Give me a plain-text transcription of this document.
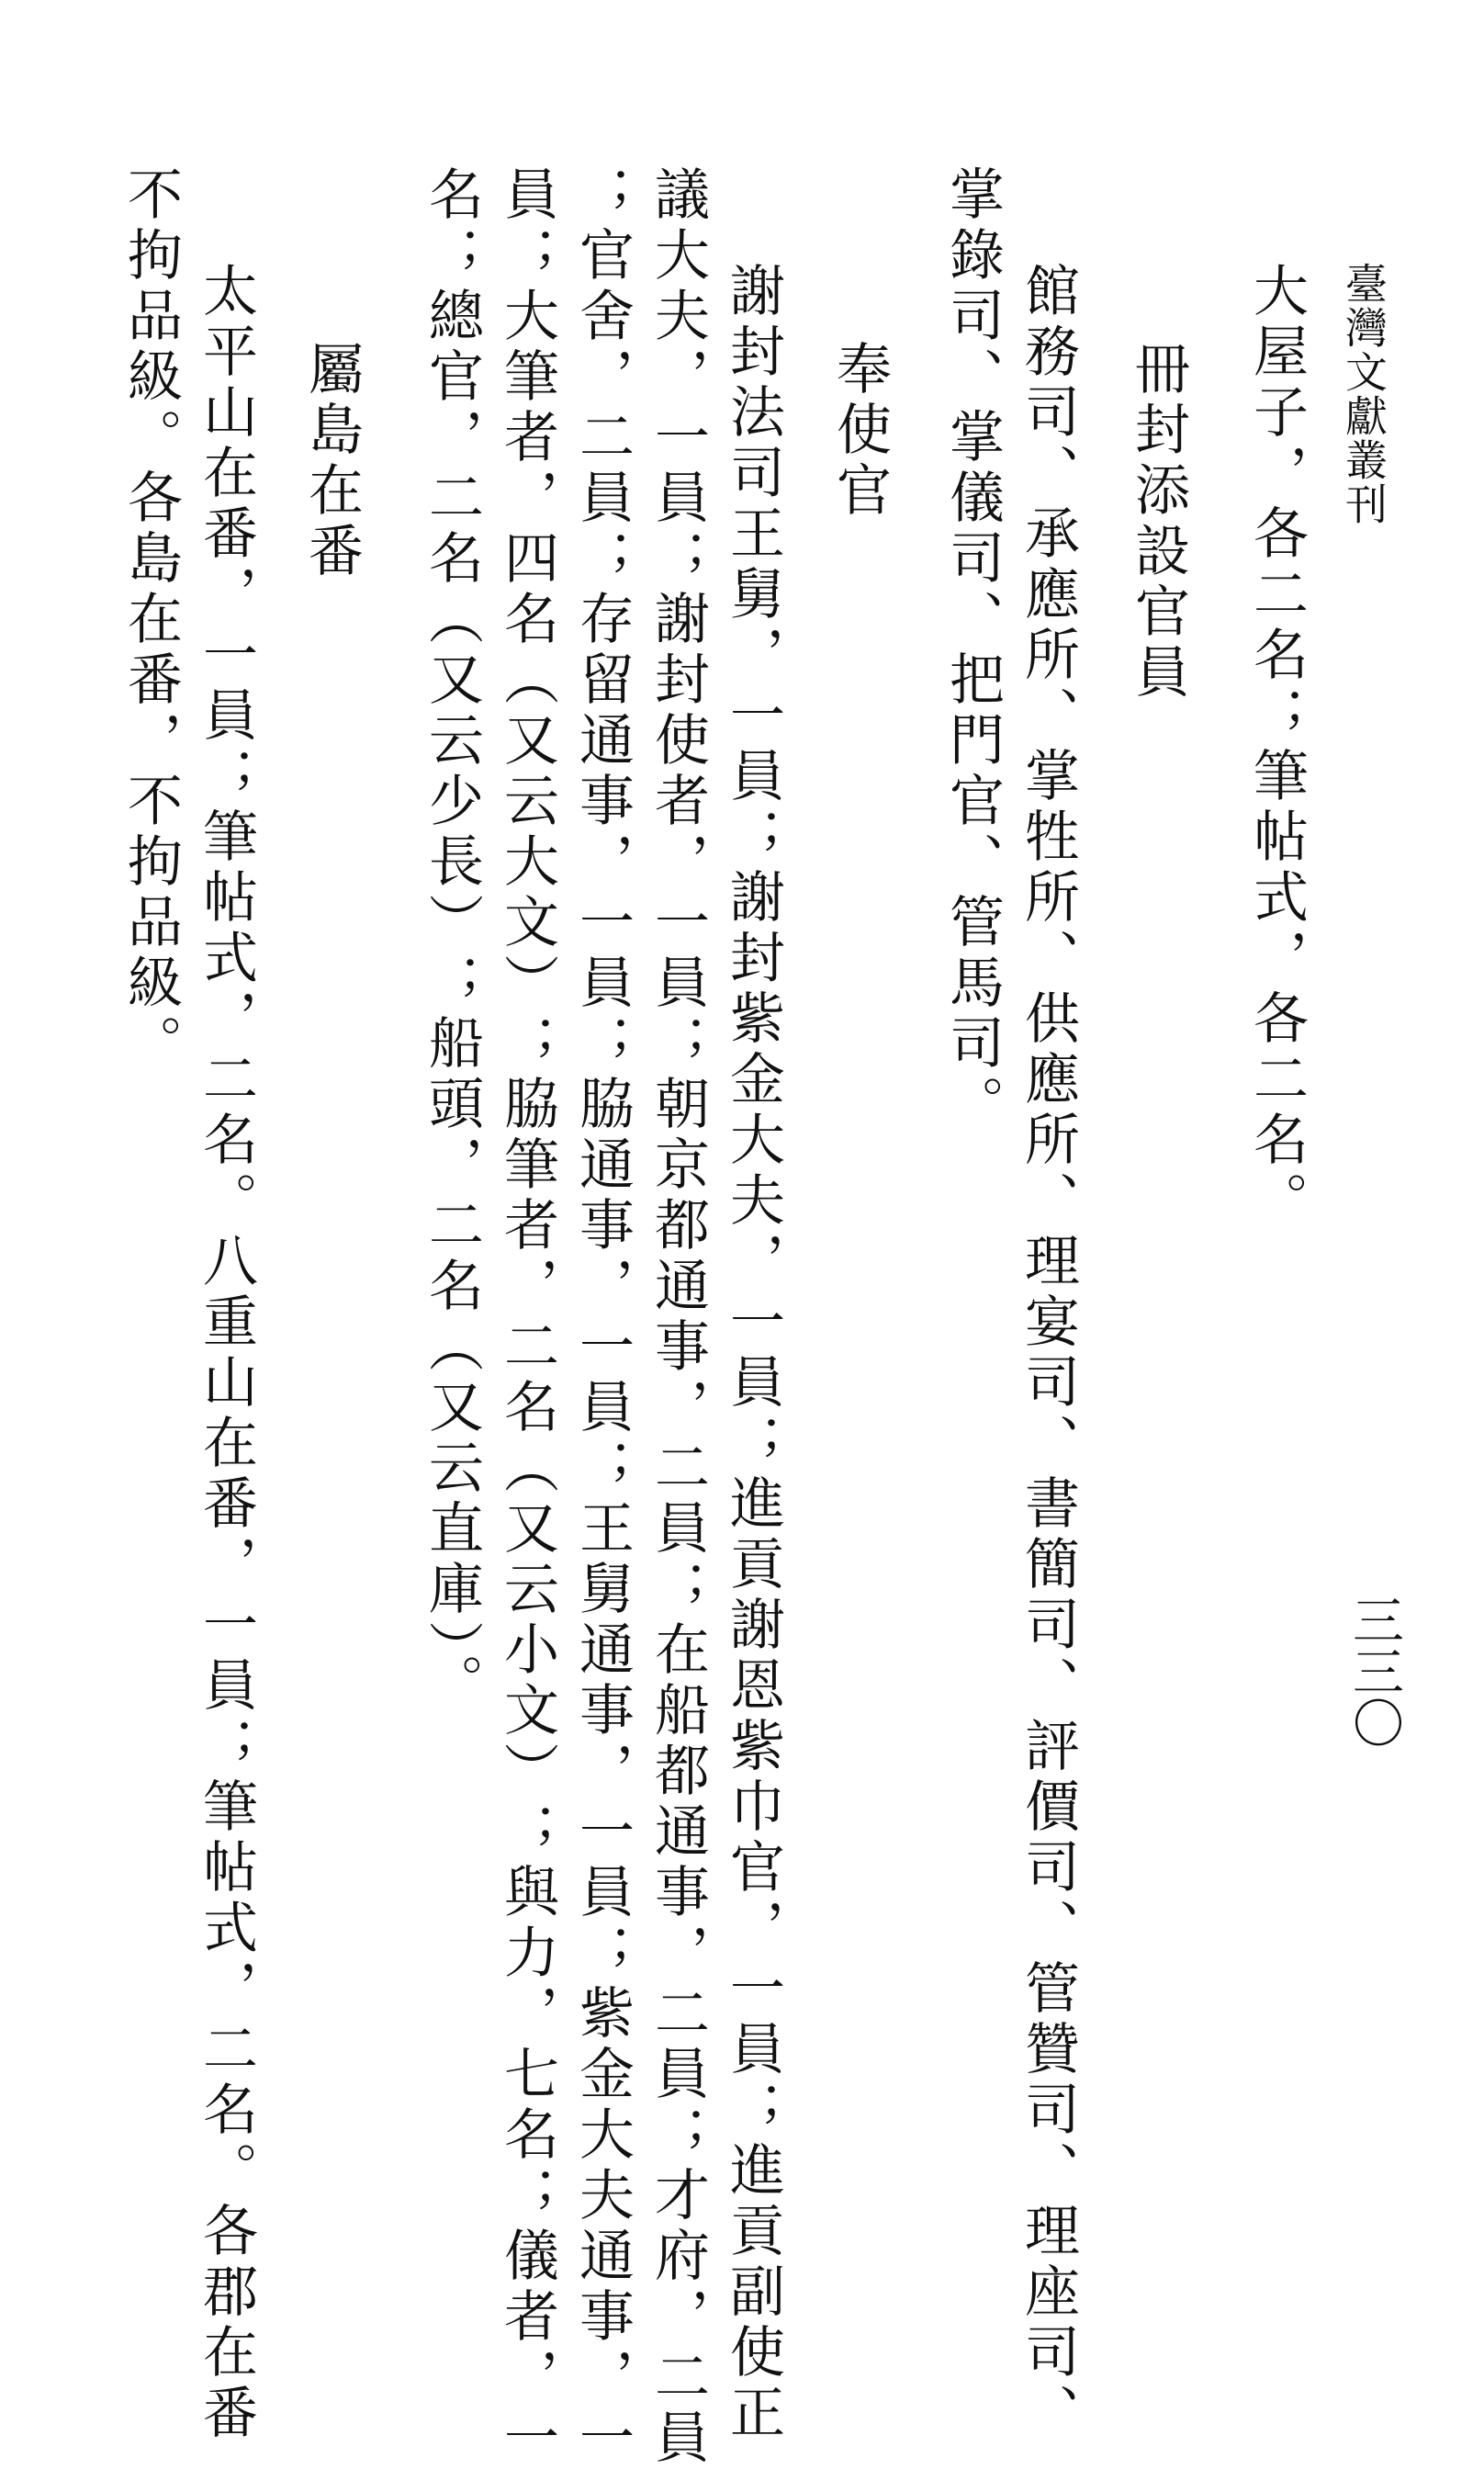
臺灣文獻叢刊
三三〇
大屋子，各二名；筆帖式，各二名。
冊封添設官員
館務司、承應所、掌牲所、供應所、理宴司、書簡司、評價司、管贊司、理座司、
掌錄司、掌儀司、把門官、管馬司。
奉使官
謝封法司王舅，一員；謝封紫金大夫，一員；進貢謝恩紫巾官，一員；進貢副使正
議大夫，一員；謝封使者，一員；朝京都通事，二員；在船都通事，二員；才府，二員
；官舍，二員；存留通事，一員；脇通事，一員；王舅通事，一員；紫金大夫通事，一
員；大筆者，四名（又云大文）；脇筆者，二名（又云小文）；與力，七名；儀者，一
名；總官，二名（又云少長）；船頭，二名（又云直庫）。
屬島在番
太平山在番，一員；筆帖式，二名。八重山在番，一員；筆帖式，二名。各郡在番
不拘品級。各島在番，不拘品級。
